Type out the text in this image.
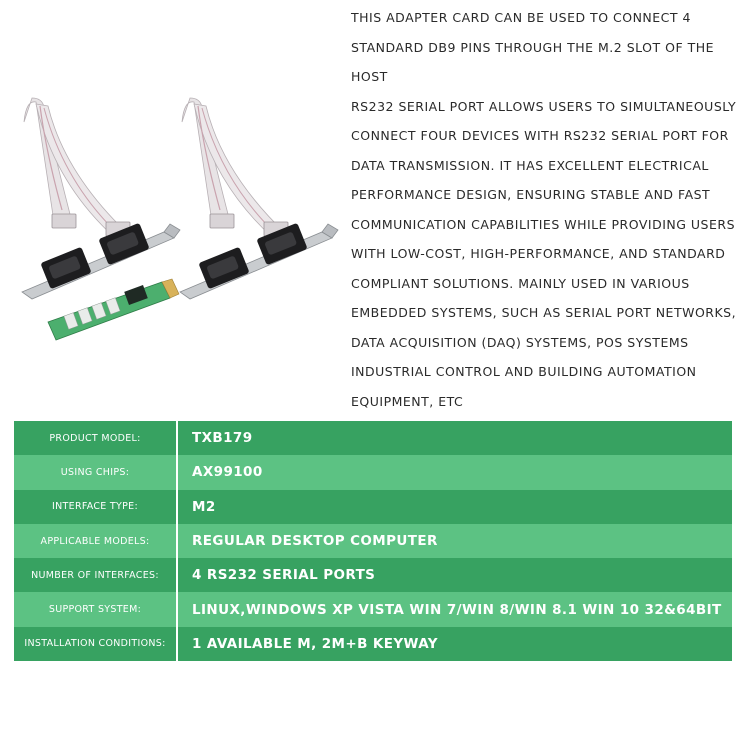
THIS ADAPTER CARD CAN BE USED TO CONNECT 4
STANDARD DB9 PINS THROUGH THE M.2 SLOT OF THE
HOST
RS232 SERIAL PORT ALLOWS USERS TO SIMULTANEOUSLY
CONNECT FOUR DEVICES WITH RS232 SERIAL PORT FOR
DATA TRANSMISSION. IT HAS EXCELLENT ELECTRICAL
PERFORMANCE DESIGN, ENSURING STABLE AND FAST
COMMUNICATION CAPABILITIES WHILE PROVIDING USERS
WITH LOW-COST, HIGH-PERFORMANCE, AND STANDARD
COMPLIANT SOLUTIONS. MAINLY USED IN VARIOUS
EMBEDDED SYSTEMS, SUCH AS SERIAL PORT NETWORKS,
DATA ACQUISITION (DAQ) SYSTEMS, POS SYSTEMS
INDUSTRIAL CONTROL AND BUILDING AUTOMATION
EQUIPMENT, ETC
PRODUCT MODEL:	TXB179
USING CHIPS:	AX99100
INTERFACE TYPE:	M2
APPLICABLE MODELS:	REGULAR DESKTOP COMPUTER
NUMBER OF INTERFACES:	4 RS232 SERIAL PORTS
SUPPORT SYSTEM:	LINUX,WINDOWS XP VISTA WIN 7/WIN 8/WIN 8.1 WIN 10 32&64BIT
INSTALLATION CONDITIONS:	1 AVAILABLE M, 2M+B KEYWAY
